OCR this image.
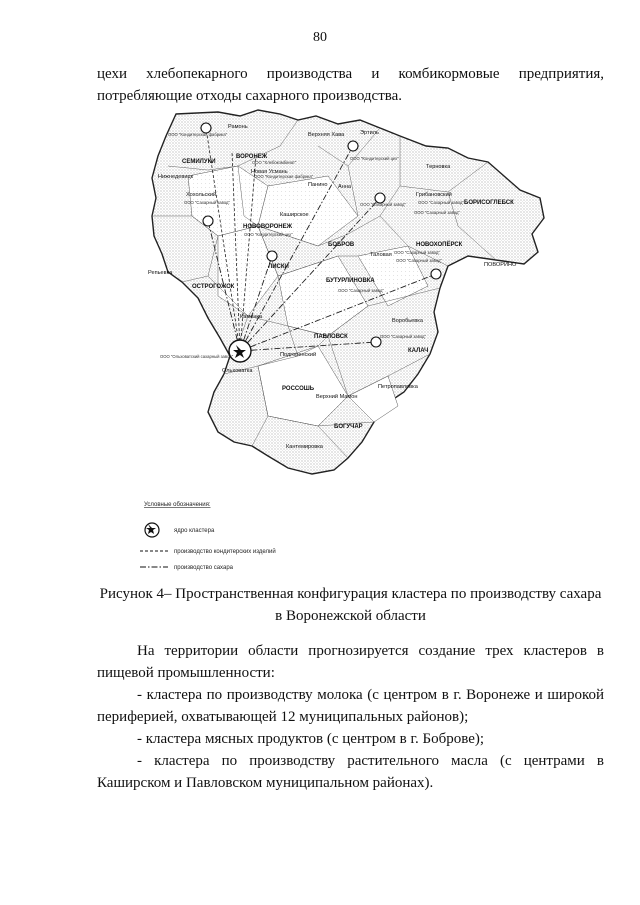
80
цехи хлебопекарного производства и комбикормовые предприятия,
потребляющие отходы сахарного производства.
Рамонь
Верхняя Хава	Эртиль
СЕМИЛУКИ
ВОРОНЕЖ
Новая Усмань
Нижнедевицк
Хохольский
Панино Анна
Терновка
Грибановский
БОРИСОГЛЕБСК
Каширское
НОВОВОРОНЕЖ
Репьевка
ЛИСКИ
БОБРОВ
Таловая
НОВОХОПЁРСК
ПОВОРИНО
ОСТРОГОЖСК
БУТУРЛИНОВКА
Каменка
Воробьевка
ПАВЛОВСК
КАЛАЧ
Подгоренский
Ольховатка
РОССОШЬ	Петропавловка
Верхний Мамон
БОГУЧАР
Кантемировка
ООО "Кондитерская фабрика"
ООО "Хлебокомбинат"
ООО "Кондитерская фабрика"
ООО "Сахарный завод"
ООО "Кондитерский цех"
ООО "Сахарный завод"	ООО "Сахарный завод"
ООО "Сахарный завод"
ООО "Кондитерский цех"
ООО "Сахарный завод"
ООО "Сахарный завод"
ООО "Сахарный завод"
ООО "Сахарный завод"
ООО "Ольховатский сахарный завод"
Условные обозначения:
ядро кластера
производство кондитерских изделий
производство сахара
Рисунок 4– Пространственная конфигурация кластера по производству сахара
в Воронежской области
На территории области прогнозируется создание трех кластеров в
пищевой промышленности:
- кластера по производству молока (с центром в г. Воронеже и широкой
периферией, охватывающей 12 муниципальных районов);
- кластера мясных продуктов (с центром в г. Боброве);
- кластера по производству растительного масла (с центрами в
Каширском и Павловском муниципальном районах).
